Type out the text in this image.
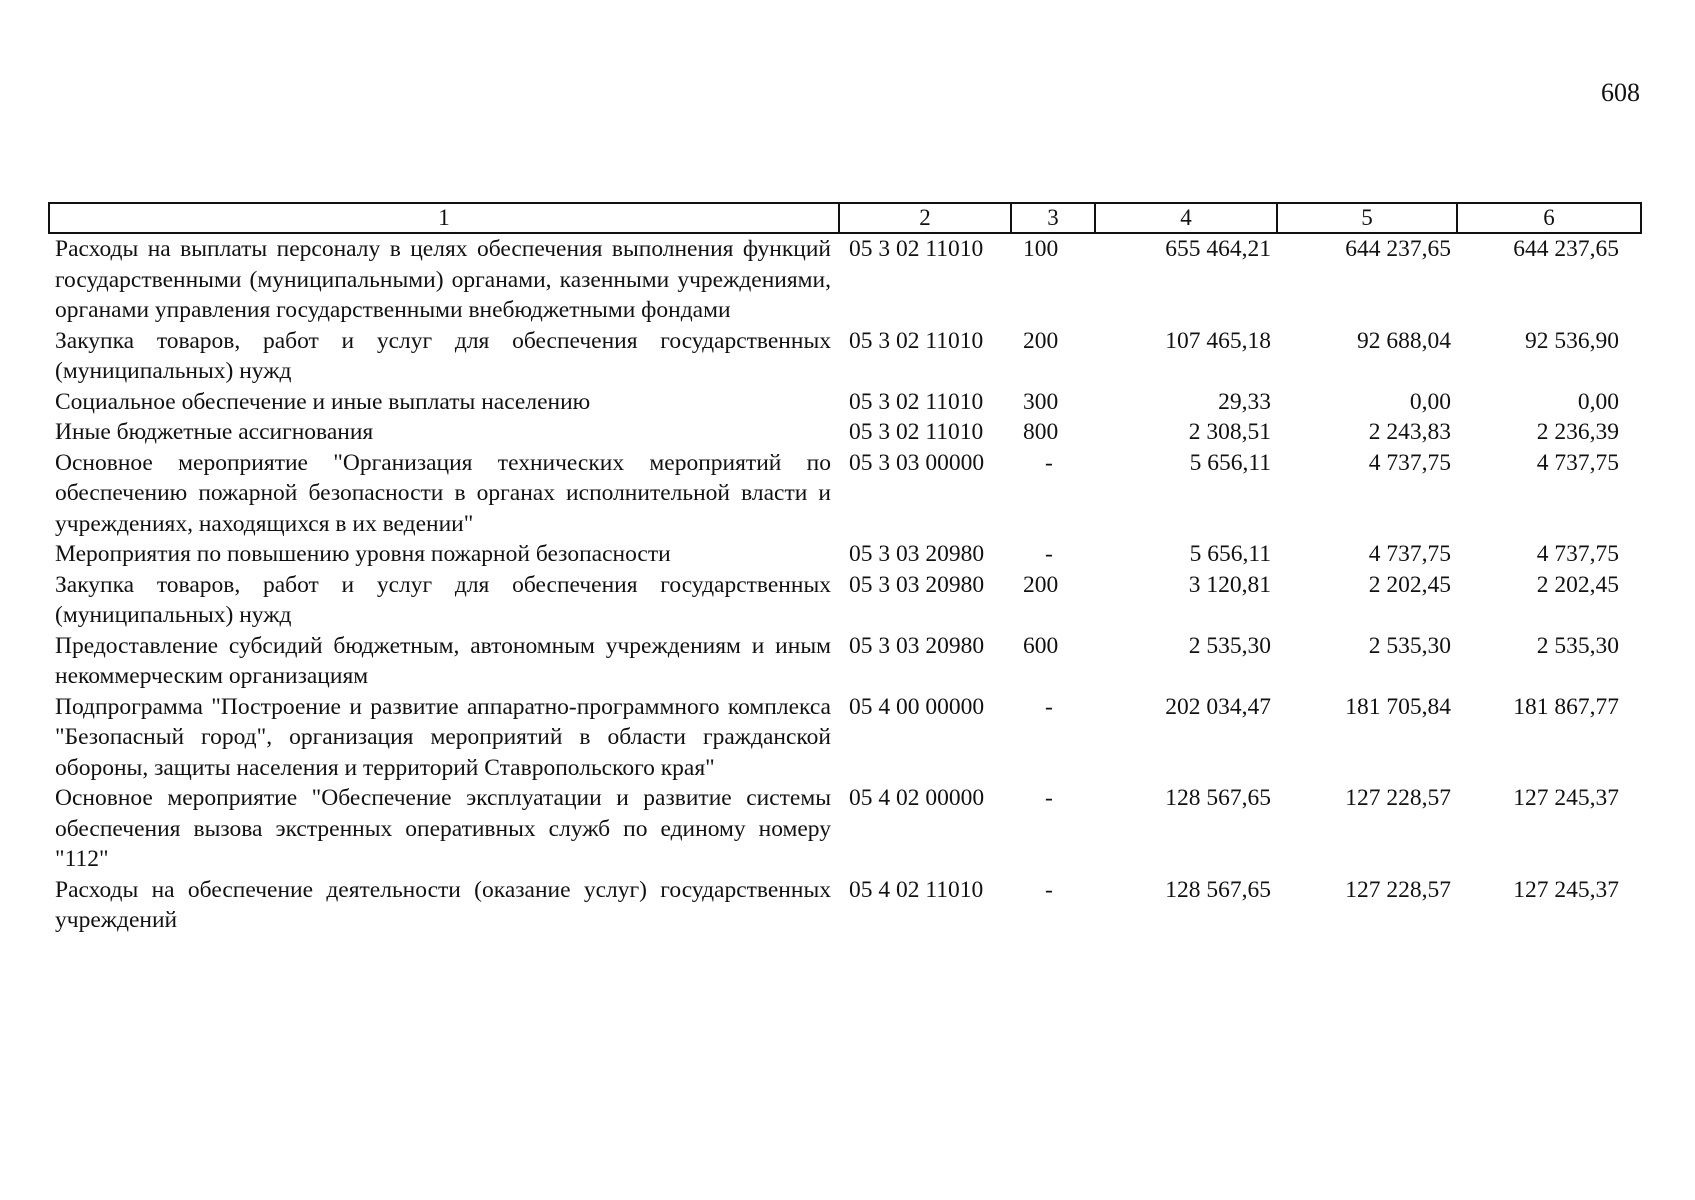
608
1	2	3	4	5	6
Расходы на выплаты персоналу в целях обеспечения выполнения функций государственными (муниципальными) органами, казенными учреждениями, органами управления государственными внебюджетными фондами	05 3 02 11010	100	655 464,21	644 237,65	644 237,65
Закупка товаров, работ и услуг для обеспечения государственных (муниципальных) нужд	05 3 02 11010	200	107 465,18	92 688,04	92 536,90
Социальное обеспечение и иные выплаты населению	05 3 02 11010	300	29,33	0,00	0,00
Иные бюджетные ассигнования	05 3 02 11010	800	2 308,51	2 243,83	2 236,39
Основное мероприятие "Организация технических мероприятий по обеспечению пожарной безопасности в органах исполнительной власти и учреждениях, находящихся в их ведении"	05 3 03 00000	-	5 656,11	4 737,75	4 737,75
Мероприятия по повышению уровня пожарной безопасности	05 3 03 20980	-	5 656,11	4 737,75	4 737,75
Закупка товаров, работ и услуг для обеспечения государственных (муниципальных) нужд	05 3 03 20980	200	3 120,81	2 202,45	2 202,45
Предоставление субсидий бюджетным, автономным учреждениям и иным некоммерческим организациям	05 3 03 20980	600	2 535,30	2 535,30	2 535,30
Подпрограмма "Построение и развитие аппаратно-программного комплекса "Безопасный город", организация мероприятий в области гражданской обороны, защиты населения и территорий Ставропольского края"	05 4 00 00000	-	202 034,47	181 705,84	181 867,77
Основное мероприятие "Обеспечение эксплуатации и развитие системы обеспечения вызова экстренных оперативных служб по единому номеру "112"	05 4 02 00000	-	128 567,65	127 228,57	127 245,37
Расходы на обеспечение деятельности (оказание услуг) государственных учреждений	05 4 02 11010	-	128 567,65	127 228,57	127 245,37
